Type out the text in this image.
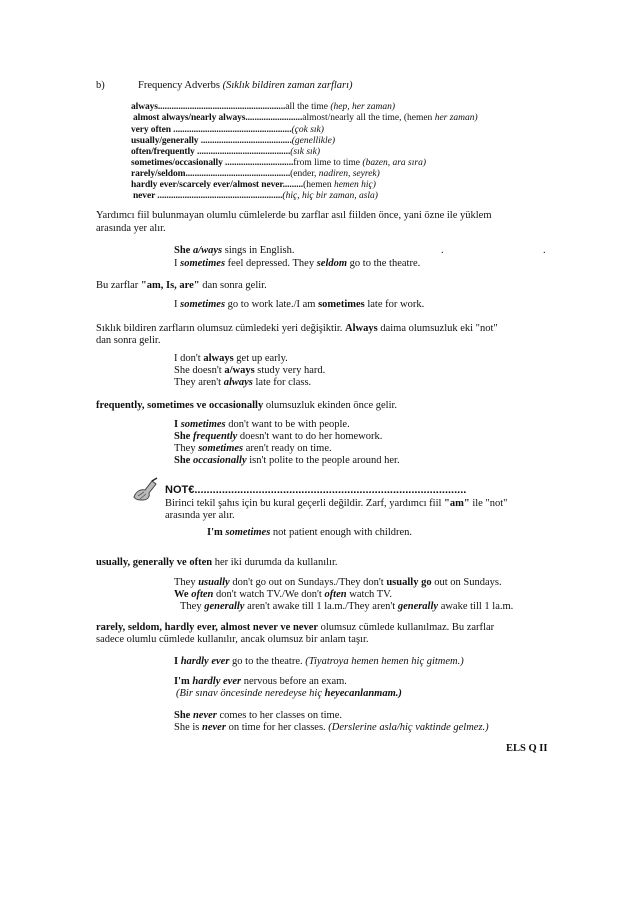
b)	Frequency Adverbs (Sıklık bildiren zaman zarfları)
always........................................................all the time (hep, her zaman)
almost always/nearly always.........................almost/nearly all the time, (hemen her zaman)
very often ....................................................(çok sık)
usually/generally ........................................(genellikle)
often/frequently .........................................(sık sık)
sometimes/occasionally ..............................from lime to time (bazen, ara sıra)
rarely/seldom..............................................(ender, nadiren, seyrek)
hardly ever/scarcely ever/almost never.........(hemen hemen hiç)
never .......................................................(hiç, hiç bir zaman, asla)
Yardımcı fiil bulunmayan olumlu cümlelerde bu zarflar asıl fiilden önce, yani özne ile yüklem
arasında yer alır.
She a/ways sings in English.	.	.
I sometimes feel depressed. They seldom go to the theatre.
Bu zarflar "am, Is, are" dan sonra gelir.
I sometimes go to work late./I am sometimes late for work.
Sıklık bildiren zarfların olumsuz cümledeki yeri değişiktir. Always daima olumsuzluk eki "not"
dan sonra gelir.
I don't always get up early.
She doesn't a/ways study very hard.
They aren't always late for class.
frequently, sometimes ve occasionally olumsuzluk ekinden önce gelir.
I sometimes don't want to be with people.
She frequently doesn't want to do her homework.
They sometimes aren't ready on time.
She occasionally isn't polite to the people around her.
NOT€.........................................................................................
Birinci tekil şahıs için bu kural geçerli değildir. Zarf, yardımcı fiil "am" ile "not"
arasında yer alır.
I'm sometimes not patient enough with children.
usually, generally ve often her iki durumda da kullanılır.
They usually don't go out on Sundays./They don't usually go out on Sundays.
We often don't watch TV./We don't often watch TV.
They generally aren't awake till 1 la.m./They aren't generally awake till 1 la.m.
rarely, seldom, hardly ever, almost never ve never olumsuz cümlede kullanılmaz. Bu zarflar
sadece olumlu cümlede kullanılır, ancak olumsuz bir anlam taşır.
I hardly ever go to the theatre. (Tiyatroya hemen hemen hiç gitmem.)
I'm hardly ever nervous before an exam.
(Bir sınav öncesinde neredeyse hiç heyecanlanmam.)
She never comes to her classes on time.
She is never on time for her classes. (Derslerine asla/hiç vaktinde gelmez.)
ELS Q II
